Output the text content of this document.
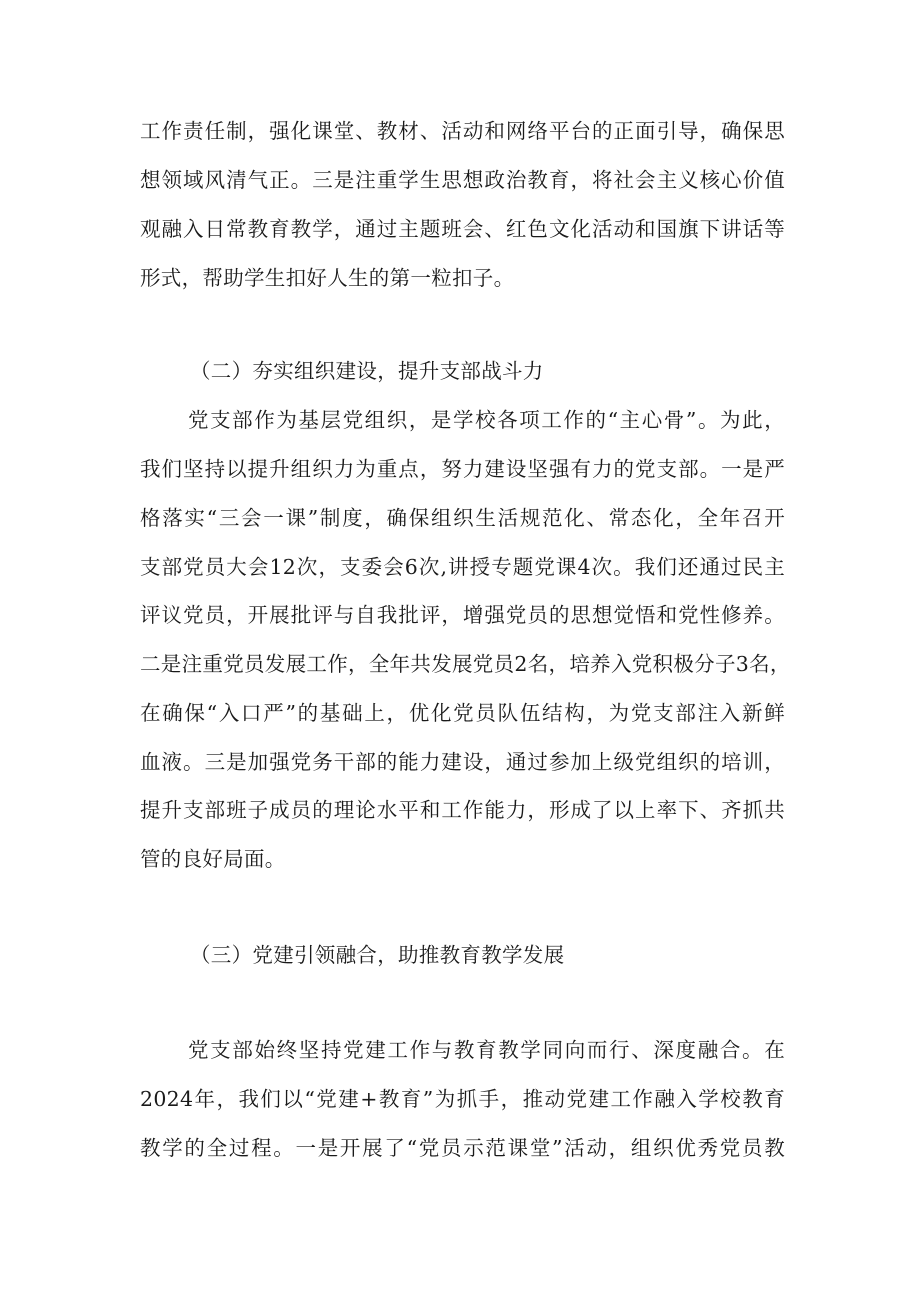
工作责任制，强化课堂、教材、活动和网络平台的正面引导，确保思
想领域风清气正。三是注重学生思想政治教育，将社会主义核心价值
观融入日常教育教学，通过主题班会、红色文化活动和国旗下讲话等
形式，帮助学生扣好人生的第一粒扣子。
（二）夯实组织建设，提升支部战斗力
党支部作为基层党组织，是学校各项工作的“主心骨”。为此，
我们坚持以提升组织力为重点，努力建设坚强有力的党支部。一是严
格落实“三会一课”制度，确保组织生活规范化、常态化，全年召开
支部党员大会12次，支委会6次,讲授专题党课4次。我们还通过民主
评议党员，开展批评与自我批评，增强党员的思想觉悟和党性修养。
二是注重党员发展工作，全年共发展党员2名，培养入党积极分子3名，
在确保“入口严”的基础上，优化党员队伍结构，为党支部注入新鲜
血液。三是加强党务干部的能力建设，通过参加上级党组织的培训，
提升支部班子成员的理论水平和工作能力，形成了以上率下、齐抓共
管的良好局面。
（三）党建引领融合，助推教育教学发展
党支部始终坚持党建工作与教育教学同向而行、深度融合。在
2024年，我们以“党建+教育”为抓手，推动党建工作融入学校教育
教学的全过程。一是开展了“党员示范课堂”活动，组织优秀党员教
